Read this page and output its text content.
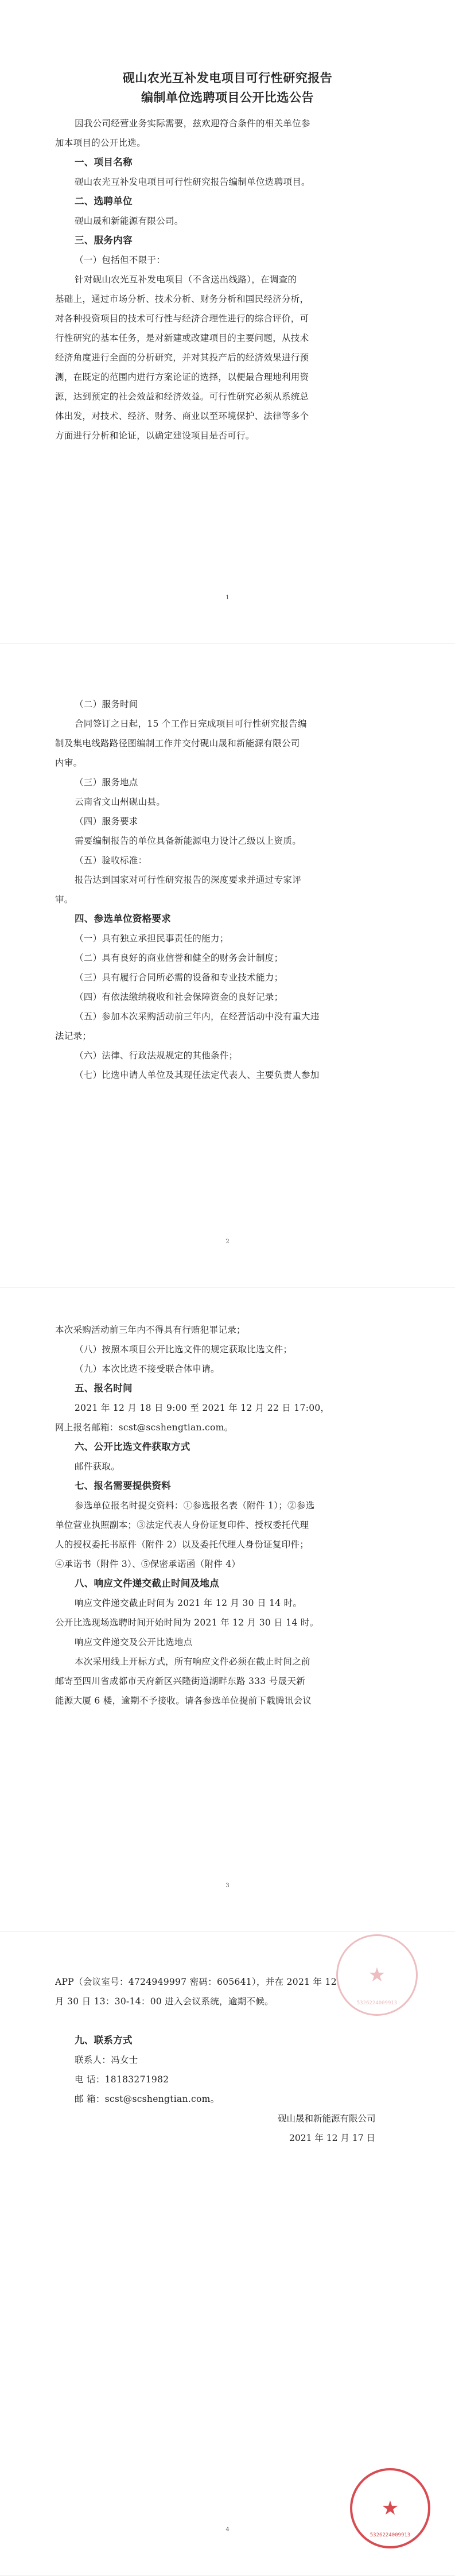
砚山农光互补发电项目可行性研究报告
编制单位选聘项目公开比选公告
因我公司经营业务实际需要，兹欢迎符合条件的相关单位参
加本项目的公开比选。
一、项目名称
砚山农光互补发电项目可行性研究报告编制单位选聘项目。
二、选聘单位
砚山晟和新能源有限公司。
三、服务内容
（一）包括但不限于：
针对砚山农光互补发电项目（不含送出线路），在调查的
基础上，通过市场分析、技术分析、财务分析和国民经济分析，
对各种投资项目的技术可行性与经济合理性进行的综合评价，可
行性研究的基本任务，是对新建或改建项目的主要问题，从技术
经济角度进行全面的分析研究，并对其投产后的经济效果进行预
测，在既定的范围内进行方案论证的选择，以便最合理地利用资
源，达到预定的社会效益和经济效益。可行性研究必须从系统总
体出发，对技术、经济、财务、商业以至环境保护、法律等多个
方面进行分析和论证，以确定建设项目是否可行。
1
（二）服务时间
合同签订之日起，15 个工作日完成项目可行性研究报告编
制及集电线路路径图编制工作并交付砚山晟和新能源有限公司
内审。
（三）服务地点
云南省文山州砚山县。
（四）服务要求
需要编制报告的单位具备新能源电力设计乙级以上资质。
（五）验收标准：
报告达到国家对可行性研究报告的深度要求并通过专家评
审。
四、参选单位资格要求
（一）具有独立承担民事责任的能力；
（二）具有良好的商业信誉和健全的财务会计制度；
（三）具有履行合同所必需的设备和专业技术能力；
（四）有依法缴纳税收和社会保障资金的良好记录；
（五）参加本次采购活动前三年内，在经营活动中没有重大违
法记录；
（六）法律、行政法规规定的其他条件；
（七）比选申请人单位及其现任法定代表人、主要负责人参加
2
本次采购活动前三年内不得具有行贿犯罪记录；
（八）按照本项目公开比选文件的规定获取比选文件；
（九）本次比选不接受联合体申请。
五、报名时间
2021 年 12 月 18 日 9:00 至 2021 年 12 月 22 日 17:00，
网上报名邮箱：scst@scshengtian.com。
六、公开比选文件获取方式
邮件获取。
七、报名需要提供资料
参选单位报名时提交资料：①参选报名表（附件 1）；②参选
单位营业执照副本；③法定代表人身份证复印件、授权委托代理
人的授权委托书原件（附件 2）以及委托代理人身份证复印件；
④承诺书（附件 3）、⑤保密承诺函（附件 4）
八、响应文件递交截止时间及地点
响应文件递交截止时间为 2021 年 12 月 30 日 14 时。
公开比选现场选聘时间开始时间为 2021 年 12 月 30 日 14 时。
响应文件递交及公开比选地点
本次采用线上开标方式，所有响应文件必须在截止时间之前
邮寄至四川省成都市天府新区兴隆街道湖畔东路 333 号晟天新
能源大厦 6 楼，逾期不予接收。请各参选单位提前下载腾讯会议
3
APP（会议室号：4724949997 密码：605641），并在 2021 年 12
月 30 日 13：30-14：00 进入会议系统，逾期不候。
九、联系方式
联系人：冯女士
电 话：18183271982
邮 箱：scst@scshengtian.com。
砚山晟和新能源有限公司
2021 年 12 月 17 日
4
★
5326224009913
★
5326224009913
